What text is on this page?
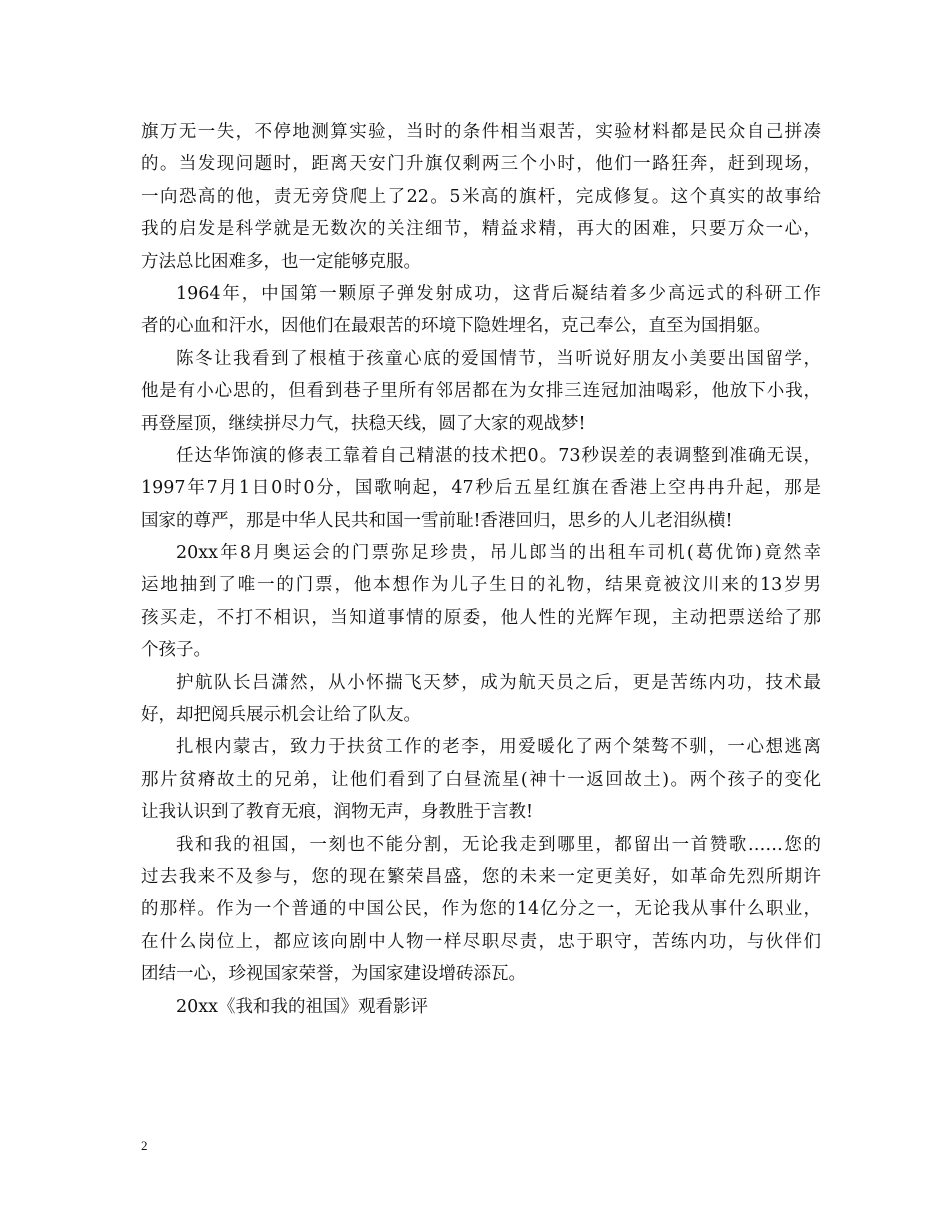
旗万无一失，不停地测算实验，当时的条件相当艰苦，实验材料都是民众自己拼凑
的。当发现问题时，距离天安门升旗仅剩两三个小时，他们一路狂奔，赶到现场，
一向恐高的他，责无旁贷爬上了22。5米高的旗杆，完成修复。这个真实的故事给
我的启发是科学就是无数次的关注细节，精益求精，再大的困难，只要万众一心，
方法总比困难多，也一定能够克服。
1964年，中国第一颗原子弹发射成功，这背后凝结着多少高远式的科研工作
者的心血和汗水，因他们在最艰苦的环境下隐姓埋名，克己奉公，直至为国捐躯。
陈冬让我看到了根植于孩童心底的爱国情节，当听说好朋友小美要出国留学，
他是有小心思的，但看到巷子里所有邻居都在为女排三连冠加油喝彩，他放下小我，
再登屋顶，继续拼尽力气，扶稳天线，圆了大家的观战梦!
任达华饰演的修表工靠着自己精湛的技术把0。73秒误差的表调整到准确无误，
1997年7月1日0时0分，国歌响起，47秒后五星红旗在香港上空冉冉升起，那是
国家的尊严，那是中华人民共和国一雪前耻!香港回归，思乡的人儿老泪纵横!
20xx年8月奥运会的门票弥足珍贵，吊儿郎当的出租车司机(葛优饰)竟然幸
运地抽到了唯一的门票，他本想作为儿子生日的礼物，结果竟被汶川来的13岁男
孩买走，不打不相识，当知道事情的原委，他人性的光辉乍现，主动把票送给了那
个孩子。
护航队长吕潇然，从小怀揣飞天梦，成为航天员之后，更是苦练内功，技术最
好，却把阅兵展示机会让给了队友。
扎根内蒙古，致力于扶贫工作的老李，用爱暖化了两个桀骜不驯，一心想逃离
那片贫瘠故土的兄弟，让他们看到了白昼流星(神十一返回故土)。两个孩子的变化
让我认识到了教育无痕，润物无声，身教胜于言教!
我和我的祖国，一刻也不能分割，无论我走到哪里，都留出一首赞歌……您的
过去我来不及参与，您的现在繁荣昌盛，您的未来一定更美好，如革命先烈所期许
的那样。作为一个普通的中国公民，作为您的14亿分之一，无论我从事什么职业，
在什么岗位上，都应该向剧中人物一样尽职尽责，忠于职守，苦练内功，与伙伴们
团结一心，珍视国家荣誉，为国家建设增砖添瓦。
20xx《我和我的祖国》观看影评
2
